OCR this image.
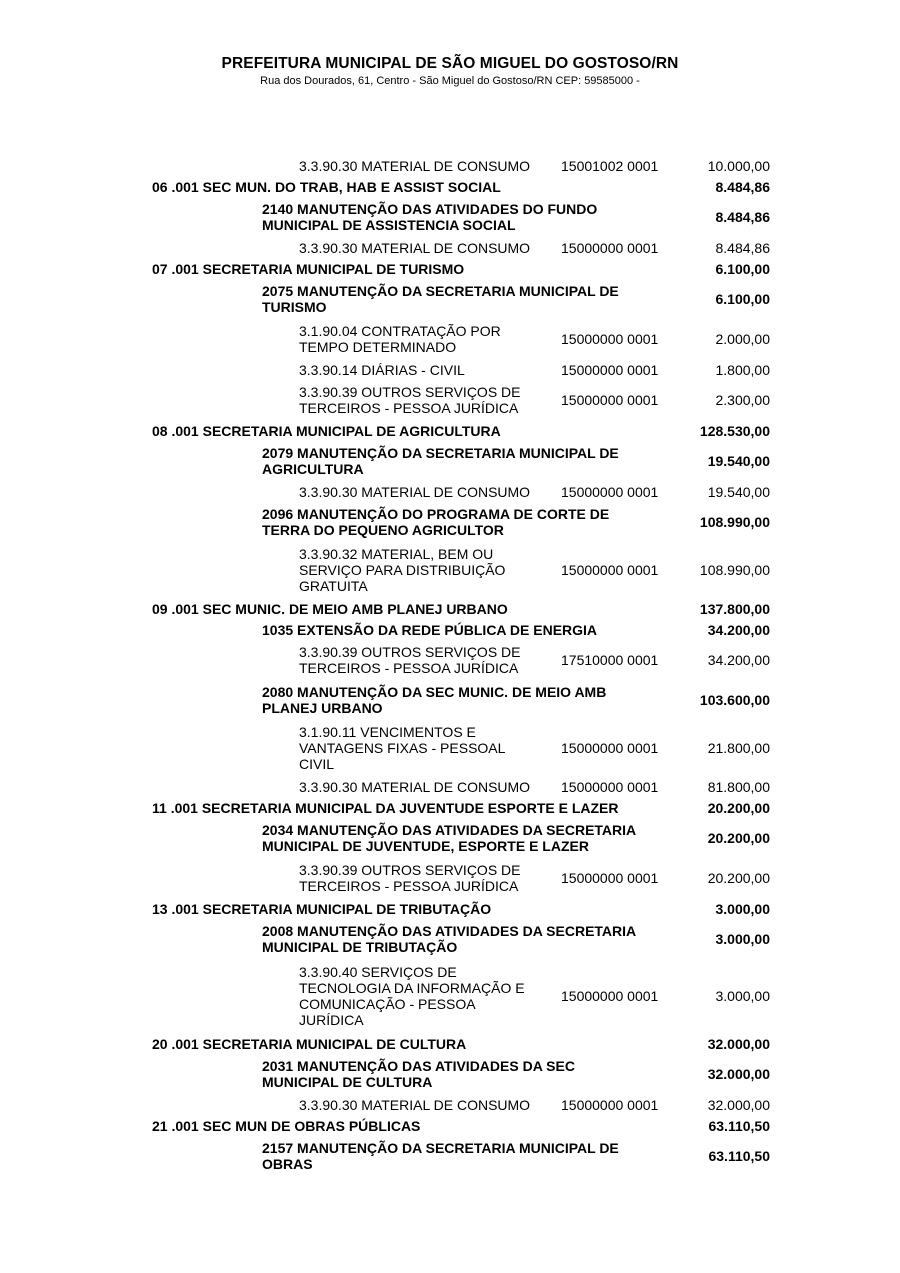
PREFEITURA MUNICIPAL DE SÃO MIGUEL DO GOSTOSO/RN
Rua dos Dourados, 61, Centro - São Miguel do Gostoso/RN CEP: 59585000 -
3.3.90.30 MATERIAL DE CONSUMO	15001002 0001	10.000,00
06 .001 SEC MUN. DO TRAB, HAB E ASSIST SOCIAL	8.484,86
2140 MANUTENÇÃO DAS ATIVIDADES DO FUNDO
MUNICIPAL DE ASSISTENCIA SOCIAL	8.484,86
3.3.90.30 MATERIAL DE CONSUMO	15000000 0001	8.484,86
07 .001 SECRETARIA MUNICIPAL DE TURISMO	6.100,00
2075 MANUTENÇÃO DA SECRETARIA MUNICIPAL DE
TURISMO	6.100,00
3.1.90.04 CONTRATAÇÃO POR
TEMPO DETERMINADO	15000000 0001	2.000,00
3.3.90.14 DIÁRIAS - CIVIL	15000000 0001	1.800,00
3.3.90.39 OUTROS SERVIÇOS DE
TERCEIROS - PESSOA JURÍDICA	15000000 0001	2.300,00
08 .001 SECRETARIA MUNICIPAL DE AGRICULTURA	128.530,00
2079 MANUTENÇÃO DA SECRETARIA MUNICIPAL DE
AGRICULTURA	19.540,00
3.3.90.30 MATERIAL DE CONSUMO	15000000 0001	19.540,00
2096 MANUTENÇÃO DO PROGRAMA DE CORTE DE
TERRA DO PEQUENO AGRICULTOR	108.990,00
3.3.90.32 MATERIAL, BEM OU
SERVIÇO PARA DISTRIBUIÇÃO
GRATUITA
15000000 0001	108.990,00
09 .001 SEC MUNIC. DE MEIO AMB PLANEJ URBANO	137.800,00
1035 EXTENSÃO DA REDE PÚBLICA DE ENERGIA	34.200,00
3.3.90.39 OUTROS SERVIÇOS DE
TERCEIROS - PESSOA JURÍDICA	17510000 0001	34.200,00
2080 MANUTENÇÃO DA SEC MUNIC. DE MEIO AMB
PLANEJ URBANO	103.600,00
3.1.90.11 VENCIMENTOS E
VANTAGENS FIXAS - PESSOAL
CIVIL
15000000 0001	21.800,00
3.3.90.30 MATERIAL DE CONSUMO	15000000 0001	81.800,00
11 .001 SECRETARIA MUNICIPAL DA JUVENTUDE ESPORTE E LAZER	20.200,00
2034 MANUTENÇÃO DAS ATIVIDADES DA SECRETARIA
MUNICIPAL DE JUVENTUDE, ESPORTE E LAZER	20.200,00
3.3.90.39 OUTROS SERVIÇOS DE
TERCEIROS - PESSOA JURÍDICA	15000000 0001	20.200,00
13 .001 SECRETARIA MUNICIPAL DE TRIBUTAÇÃO	3.000,00
2008 MANUTENÇÃO DAS ATIVIDADES DA SECRETARIA
MUNICIPAL DE TRIBUTAÇÃO	3.000,00
3.3.90.40 SERVIÇOS DE
TECNOLOGIA DA INFORMAÇÃO E
COMUNICAÇÃO - PESSOA
JURÍDICA
15000000 0001	3.000,00
20 .001 SECRETARIA MUNICIPAL DE CULTURA	32.000,00
2031 MANUTENÇÃO DAS ATIVIDADES DA SEC
MUNICIPAL DE CULTURA	32.000,00
3.3.90.30 MATERIAL DE CONSUMO	15000000 0001	32.000,00
21 .001 SEC MUN DE OBRAS PÚBLICAS	63.110,50
2157 MANUTENÇÃO DA SECRETARIA MUNICIPAL DE
OBRAS	63.110,50
